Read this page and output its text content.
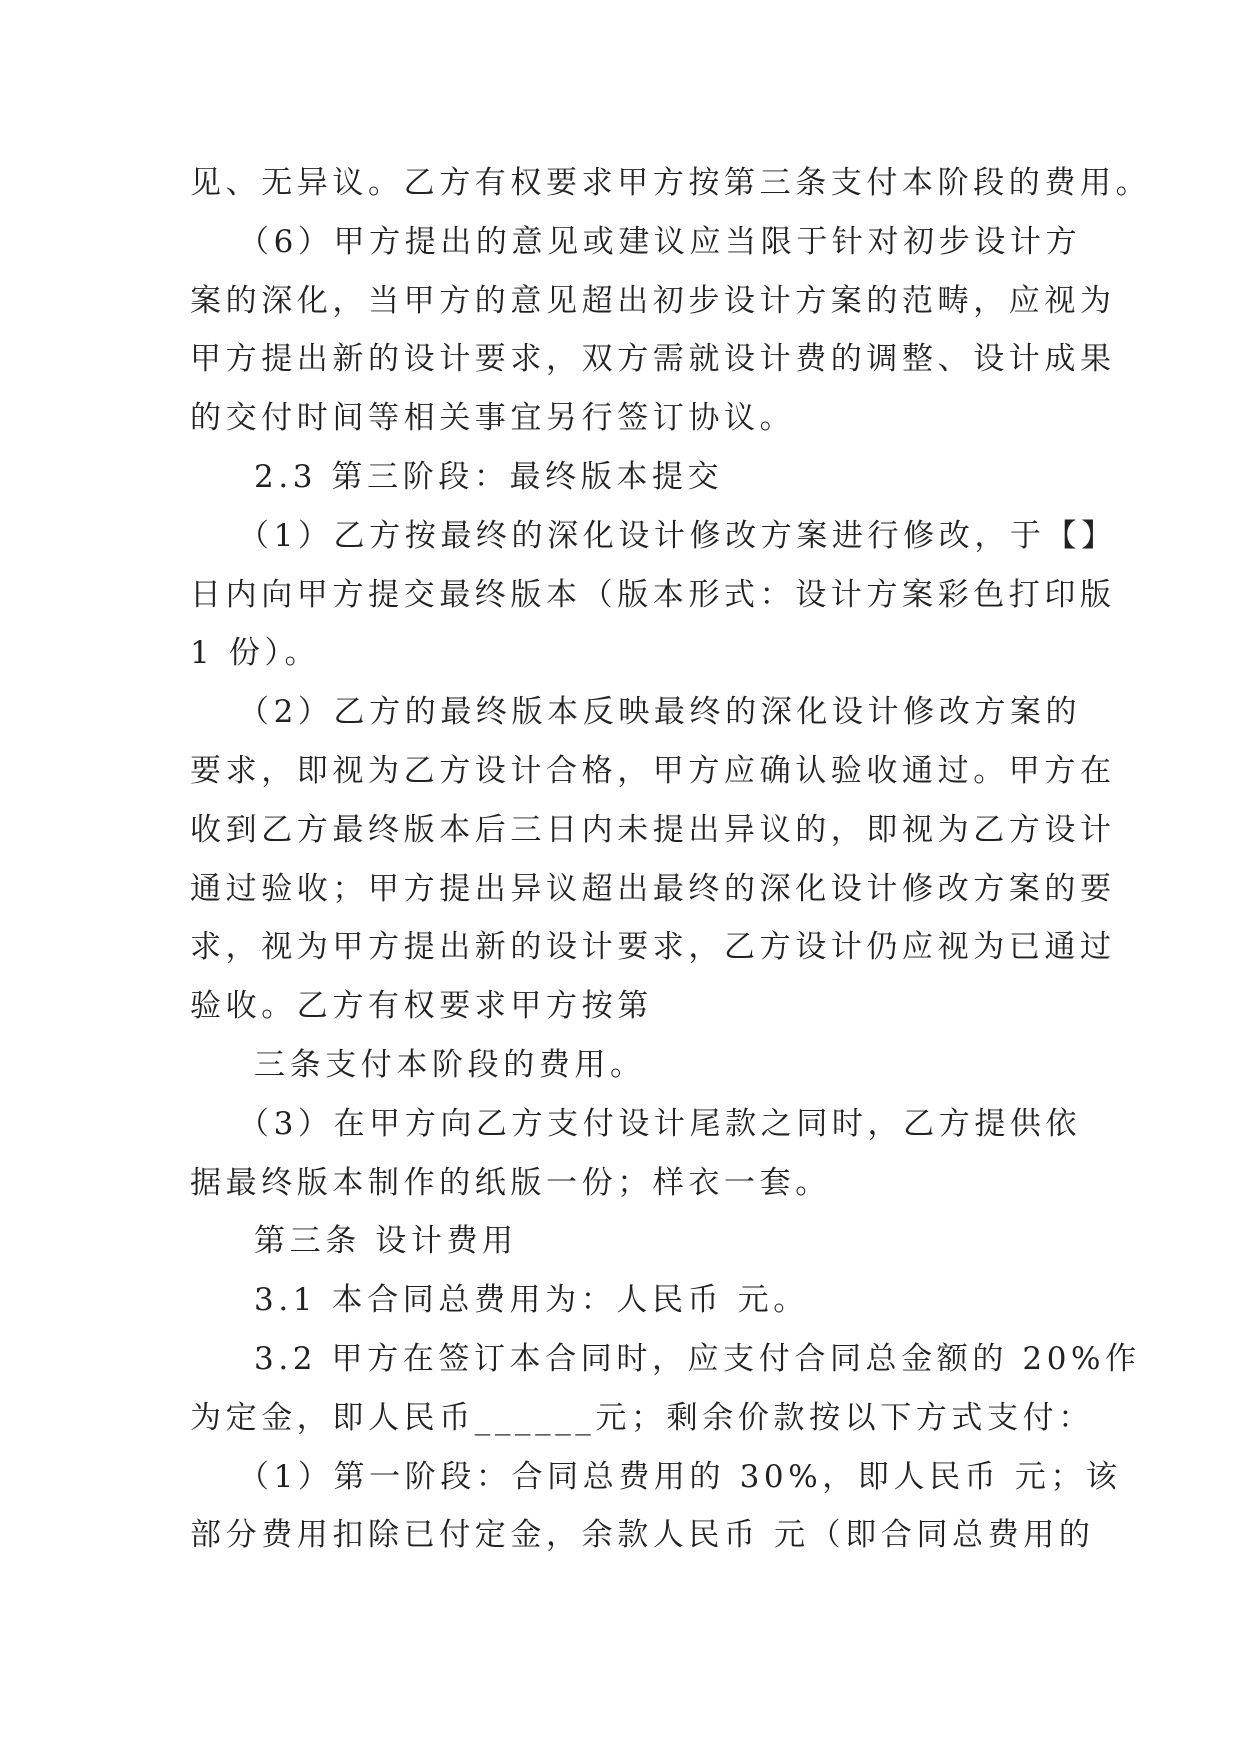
见、无异议。乙方有权要求甲方按第三条支付本阶段的费用。
（6）甲方提出的意见或建议应当限于针对初步设计方
案的深化，当甲方的意见超出初步设计方案的范畴，应视为
甲方提出新的设计要求，双方需就设计费的调整、设计成果
的交付时间等相关事宜另行签订协议。
2.3 第三阶段：最终版本提交
（1）乙方按最终的深化设计修改方案进行修改，于【】
日内向甲方提交最终版本（版本形式：设计方案彩色打印版
1 份）。
（2）乙方的最终版本反映最终的深化设计修改方案的
要求，即视为乙方设计合格，甲方应确认验收通过。甲方在
收到乙方最终版本后三日内未提出异议的，即视为乙方设计
通过验收；甲方提出异议超出最终的深化设计修改方案的要
求，视为甲方提出新的设计要求，乙方设计仍应视为已通过
验收。乙方有权要求甲方按第
三条支付本阶段的费用。
（3）在甲方向乙方支付设计尾款之同时，乙方提供依
据最终版本制作的纸版一份；样衣一套。
第三条 设计费用
3.1 本合同总费用为：人民币 元。
3.2 甲方在签订本合同时，应支付合同总金额的 20%作
为定金，即人民币______元；剩余价款按以下方式支付：
（1）第一阶段：合同总费用的 30%，即人民币 元；该
部分费用扣除已付定金，余款人民币 元（即合同总费用的
